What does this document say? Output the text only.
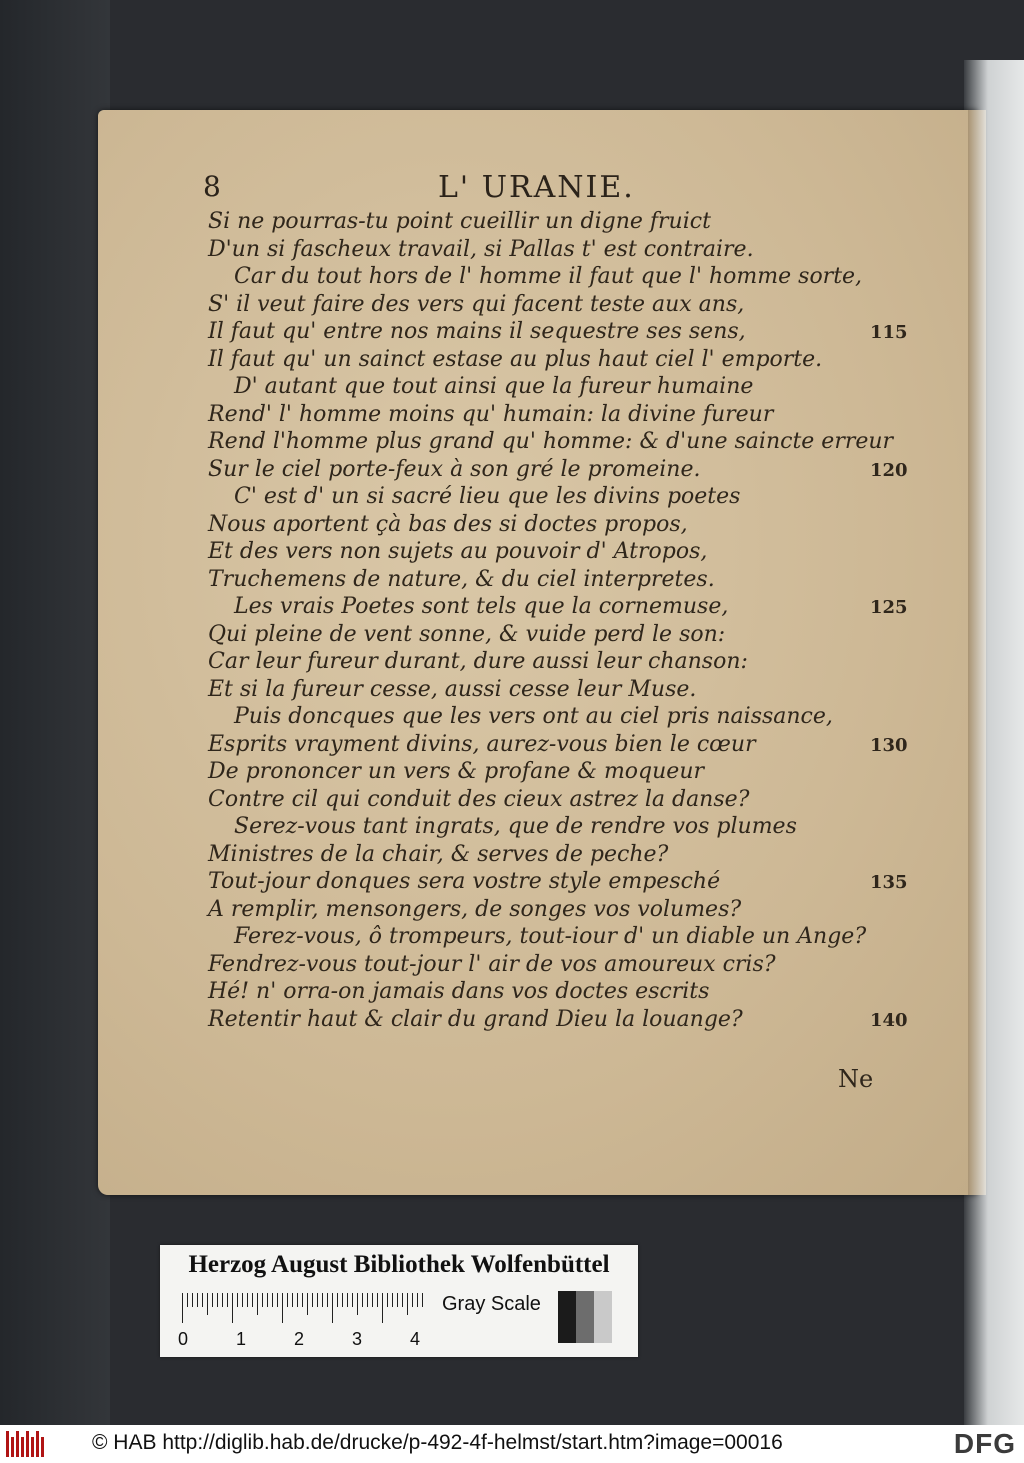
8	L' URANIE.
Si ne pourras-tu point cueillir un digne fruict
D'un si fascheux travail, si Pallas t' est contraire.
Car du tout hors de l' homme il faut que l' homme sorte,
S' il veut faire des vers qui facent teste aux ans,
Il faut qu' entre nos mains il sequestre ses sens,
Il faut qu' un sainct estase au plus haut ciel l' emporte.
D' autant que tout ainsi que la fureur humaine
Rend' l' homme moins qu' humain: la divine fureur
Rend l'homme plus grand qu' homme: & d'une saincte erreur
Sur le ciel porte-feux à son gré le promeine.
C' est d' un si sacré lieu que les divins poetes
Nous aportent çà bas des si doctes propos,
Et des vers non sujets au pouvoir d' Atropos,
Truchemens de nature, & du ciel interpretes.
Les vrais Poetes sont tels que la cornemuse,
Qui pleine de vent sonne, & vuide perd le son:
Car leur fureur durant, dure aussi leur chanson:
Et si la fureur cesse, aussi cesse leur Muse.
Puis doncques que les vers ont au ciel pris naissance,
Esprits vrayment divins, aurez-vous bien le cœur
De prononcer un vers & profane & moqueur
Contre cil qui conduit des cieux astrez la danse?
Serez-vous tant ingrats, que de rendre vos plumes
Ministres de la chair, & serves de peche?
Tout-jour donques sera vostre style empesché
A remplir, mensongers, de songes vos volumes?
Ferez-vous, ô trompeurs, tout-iour d' un diable un Ange?
Fendrez-vous tout-jour l' air de vos amoureux cris?
Hé! n' orra-on jamais dans vos doctes escrits
Retentir haut & clair du grand Dieu la louange?
115
120
125
130
135
140
Ne
Herzog August Bibliothek Wolfenbüttel
0	1	2	3	4
Gray Scale
© HAB http://diglib.hab.de/drucke/p-492-4f-helmst/start.htm?image=00016	DFG
